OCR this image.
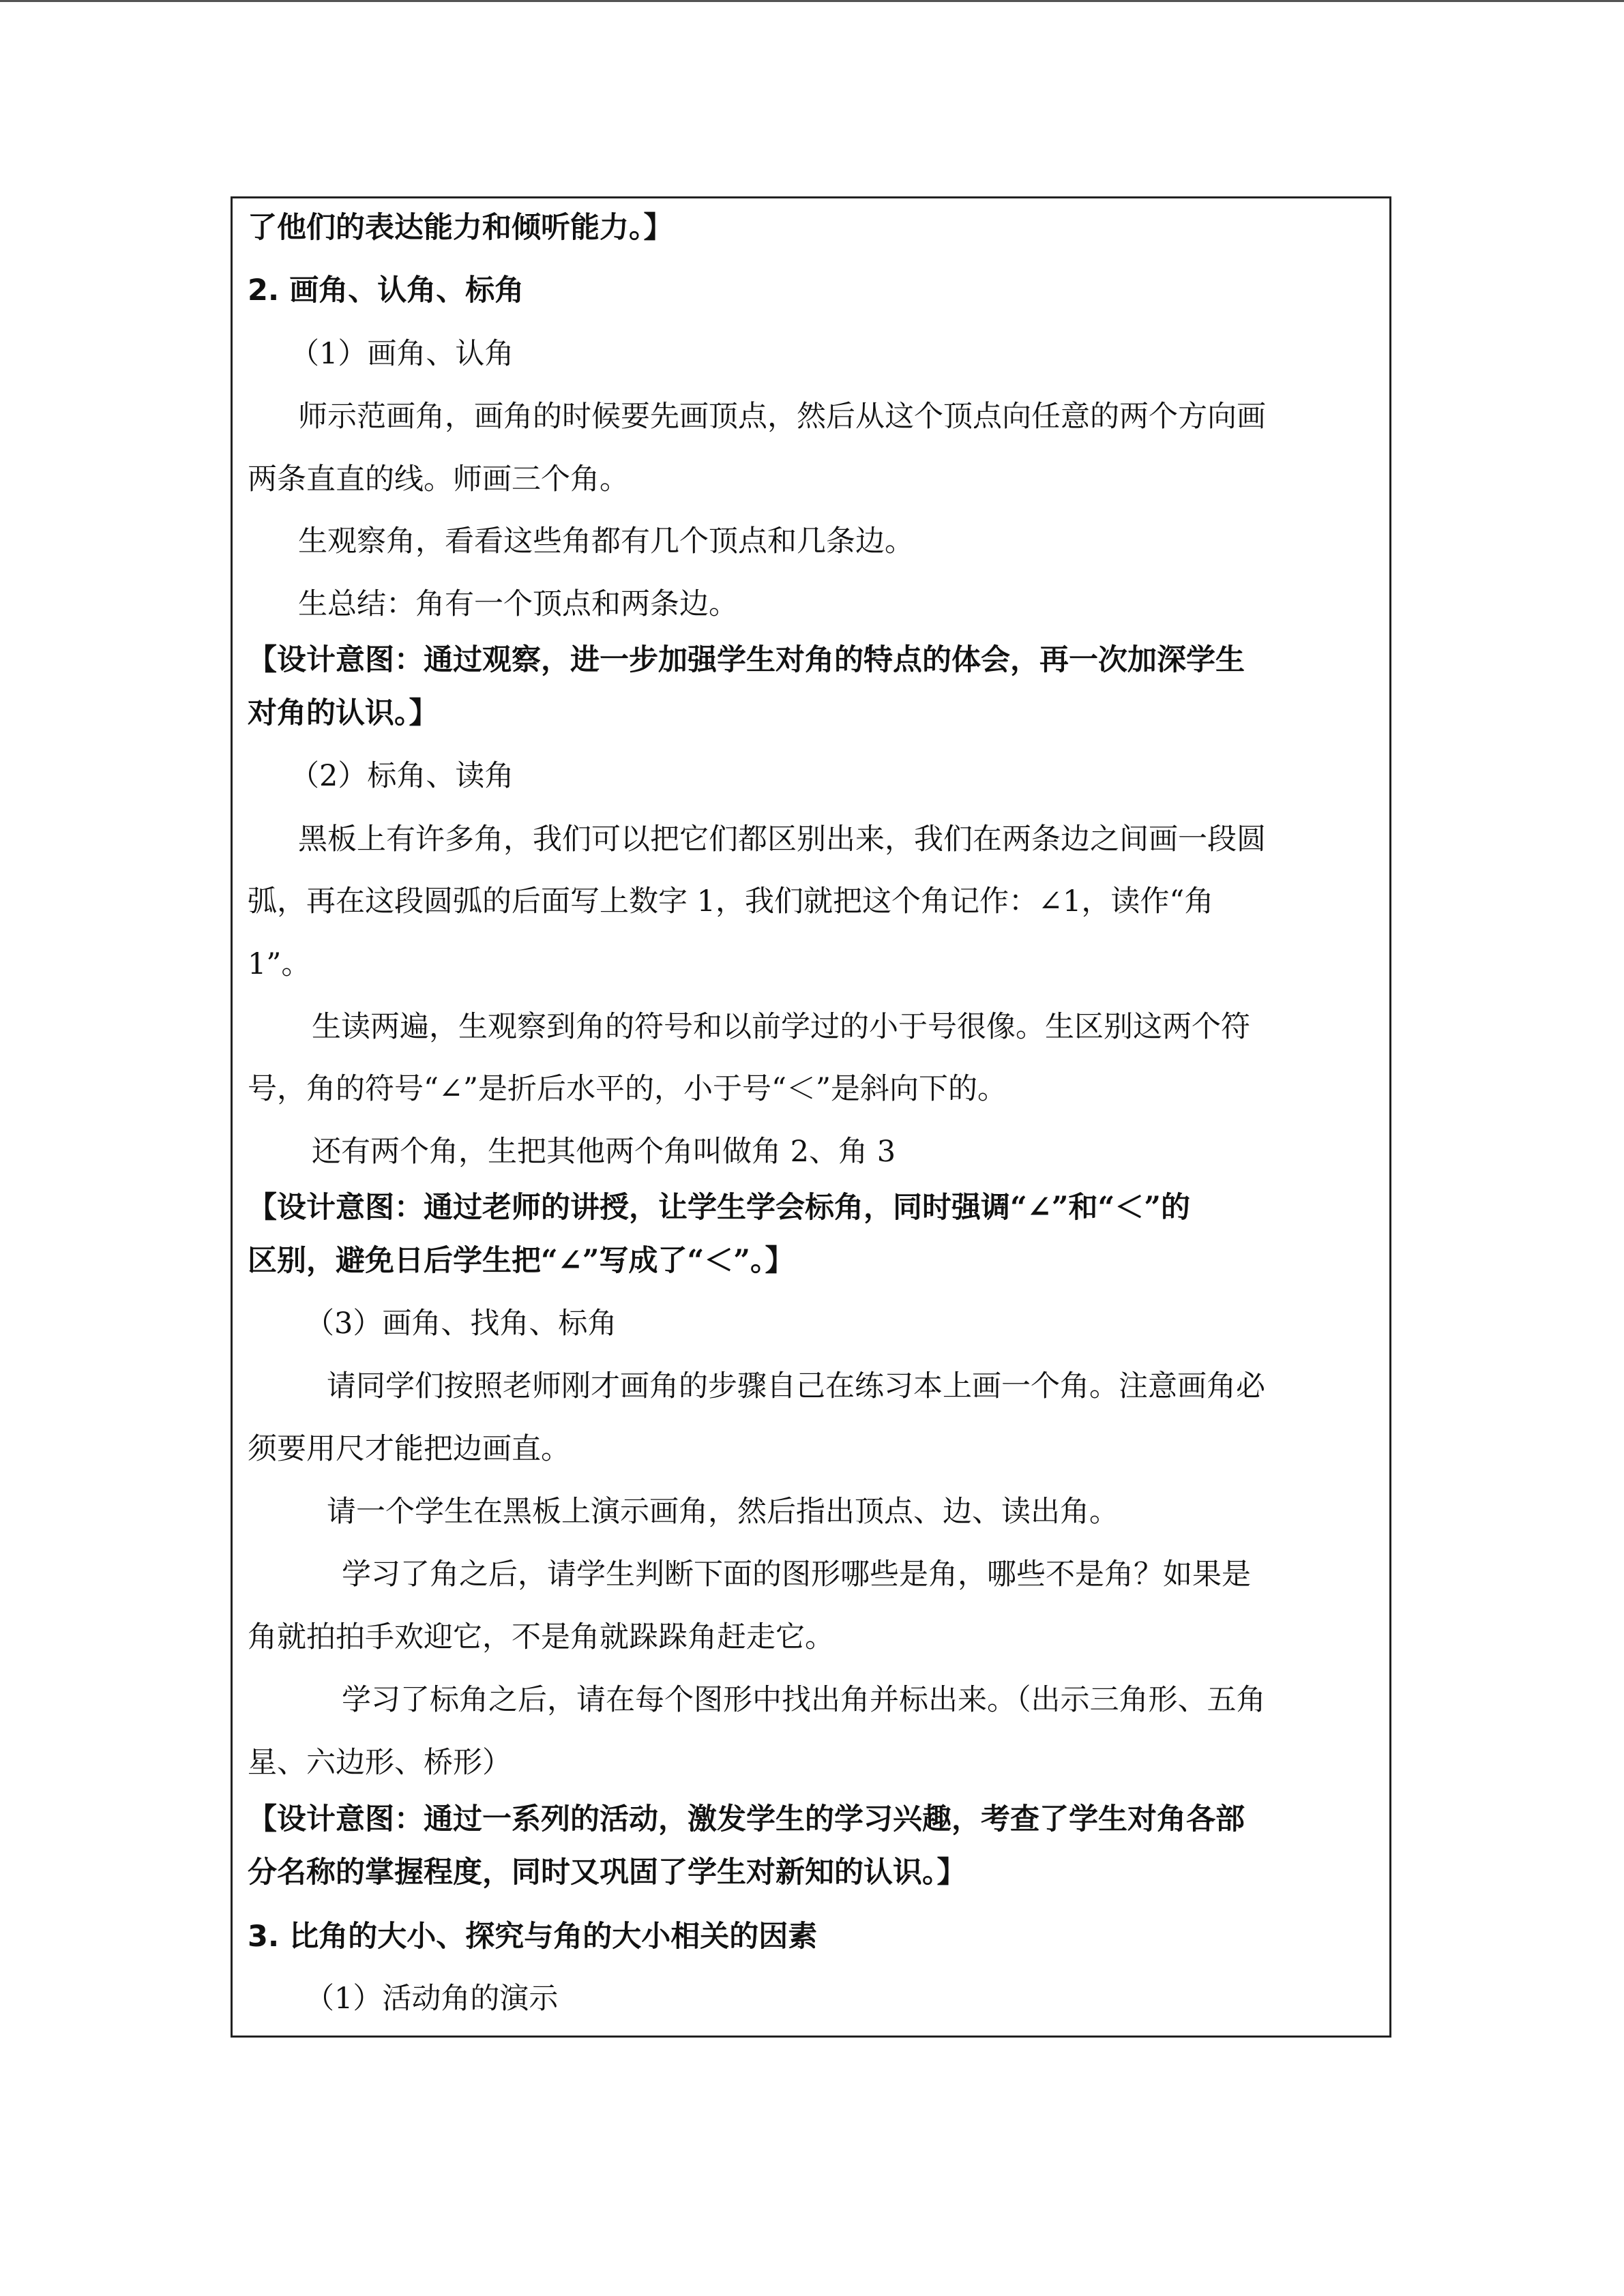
了他们的表达能力和倾听能力。】

2. 画角、认角、标角

（1）画角、认角

师示范画角，画角的时候要先画顶点，然后从这个顶点向任意的两个方向画

两条直直的线。师画三个角。

生观察角，看看这些角都有几个顶点和几条边。

生总结：角有一个顶点和两条边。

【设计意图：通过观察，进一步加强学生对角的特点的体会，再一次加深学生

对角的认识。】

（2）标角、读角

黑板上有许多角，我们可以把它们都区别出来，我们在两条边之间画一段圆

弧，再在这段圆弧的后面写上数字 1，我们就把这个角记作：∠1，读作“角

1”。

生读两遍，生观察到角的符号和以前学过的小于号很像。生区别这两个符

号，角的符号“∠”是折后水平的，小于号“＜”是斜向下的。

还有两个角，生把其他两个角叫做角 2、角 3

【设计意图：通过老师的讲授，让学生学会标角，同时强调“∠”和“＜”的

区别，避免日后学生把“∠”写成了“＜”。】

（3）画角、找角、标角

请同学们按照老师刚才画角的步骤自己在练习本上画一个角。注意画角必

须要用尺才能把边画直。

请一个学生在黑板上演示画角，然后指出顶点、边、读出角。

学习了角之后，请学生判断下面的图形哪些是角，哪些不是角？如果是

角就拍拍手欢迎它，不是角就跺跺角赶走它。

学习了标角之后，请在每个图形中找出角并标出来。（出示三角形、五角

星、六边形、桥形）

【设计意图：通过一系列的活动，激发学生的学习兴趣，考查了学生对角各部

分名称的掌握程度，同时又巩固了学生对新知的认识。】

3. 比角的大小、探究与角的大小相关的因素

（1）活动角的演示
